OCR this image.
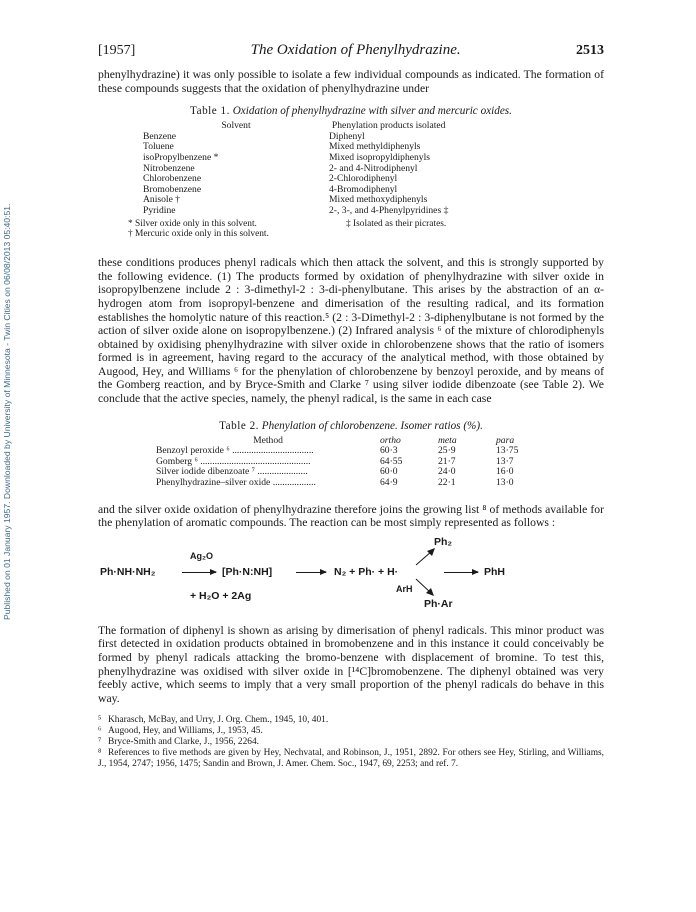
Published on 01 January 1957. Downloaded by University of Minnesota - Twin Cities on 06/08/2013 05:40:51.
[1957]	The Oxidation of Phenylhydrazine.	2513

phenylhydrazine) it was only possible to isolate a few individual compounds as indicated. The formation of these compounds suggests that the oxidation of phenylhydrazine under

Table 1. Oxidation of phenylhydrazine with silver and mercuric oxides.
Solvent	Phenylation products isolated
Benzene	Diphenyl
Toluene	Mixed methyldiphenyls
isoPropylbenzene *	Mixed isopropyldiphenyls
Nitrobenzene	2- and 4-Nitrodiphenyl
Chlorobenzene	2-Chlorodiphenyl
Bromobenzene	4-Bromodiphenyl
Anisole †	Mixed methoxydiphenyls
Pyridine	2-, 3-, and 4-Phenylpyridines ‡
* Silver oxide only in this solvent.
† Mercuric oxide only in this solvent.
‡ Isolated as their picrates.

these conditions produces phenyl radicals which then attack the solvent, and this is strongly supported by the following evidence. (1) The products formed by oxidation of phenylhydrazine with silver oxide in isopropylbenzene include 2 : 3-dimethyl-2 : 3-di-phenylbutane. This arises by the abstraction of an α-hydrogen atom from isopropyl-benzene and dimerisation of the resulting radical, and its formation establishes the homolytic nature of this reaction.⁵ (2 : 3-Dimethyl-2 : 3-diphenylbutane is not formed by the action of silver oxide alone on isopropylbenzene.) (2) Infrared analysis ⁶ of the mixture of chlorodiphenyls obtained by oxidising phenylhydrazine with silver oxide in chlorobenzene shows that the ratio of isomers formed is in agreement, having regard to the accuracy of the analytical method, with those obtained by Augood, Hey, and Williams ⁶ for the phenylation of chlorobenzene by benzoyl peroxide, and by means of the Gomberg reaction, and by Bryce-Smith and Clarke ⁷ using silver iodide dibenzoate (see Table 2). We conclude that the active species, namely, the phenyl radical, is the same in each case

Table 2. Phenylation of chlorobenzene. Isomer ratios (%).
Method	ortho	meta	para
Benzoyl peroxide ⁶ ..................................	60·3	25·9	13·75
Gomberg ⁶ ..............................................	64·55	21·7	13·7
Silver iodide dibenzoate ⁷ .....................	60·0	24·0	16·0
Phenylhydrazine–silver oxide ..................	64·9	22·1	13·0

and the silver oxide oxidation of phenylhydrazine therefore joins the growing list ⁸ of methods available for the phenylation of aromatic compounds. The reaction can be most simply represented as follows :

Ph₂
Ag₂O
Ph·NH·NH₂	[Ph·N:NH]	N₂ + Ph· + H·	PhH
ArH
+ H₂O + 2Ag
Ph·Ar

The formation of diphenyl is shown as arising by dimerisation of phenyl radicals. This minor product was first detected in oxidation products obtained in bromobenzene and in this instance it could conceivably be formed by phenyl radicals attacking the bromo-benzene with displacement of bromine. To test this, phenylhydrazine was oxidised with silver oxide in [¹⁴C]bromobenzene. The diphenyl obtained was very feebly active, which seems to imply that a very small proportion of the phenyl radicals do behave in this way.

⁵ Kharasch, McBay, and Urry, J. Org. Chem., 1945, 10, 401.
⁶ Augood, Hey, and Williams, J., 1953, 45.
⁷ Bryce-Smith and Clarke, J., 1956, 2264.
⁸ References to five methods are given by Hey, Nechvatal, and Robinson, J., 1951, 2892. For others see Hey, Stirling, and Williams, J., 1954, 2747; 1956, 1475; Sandin and Brown, J. Amer. Chem. Soc., 1947, 69, 2253; and ref. 7.
